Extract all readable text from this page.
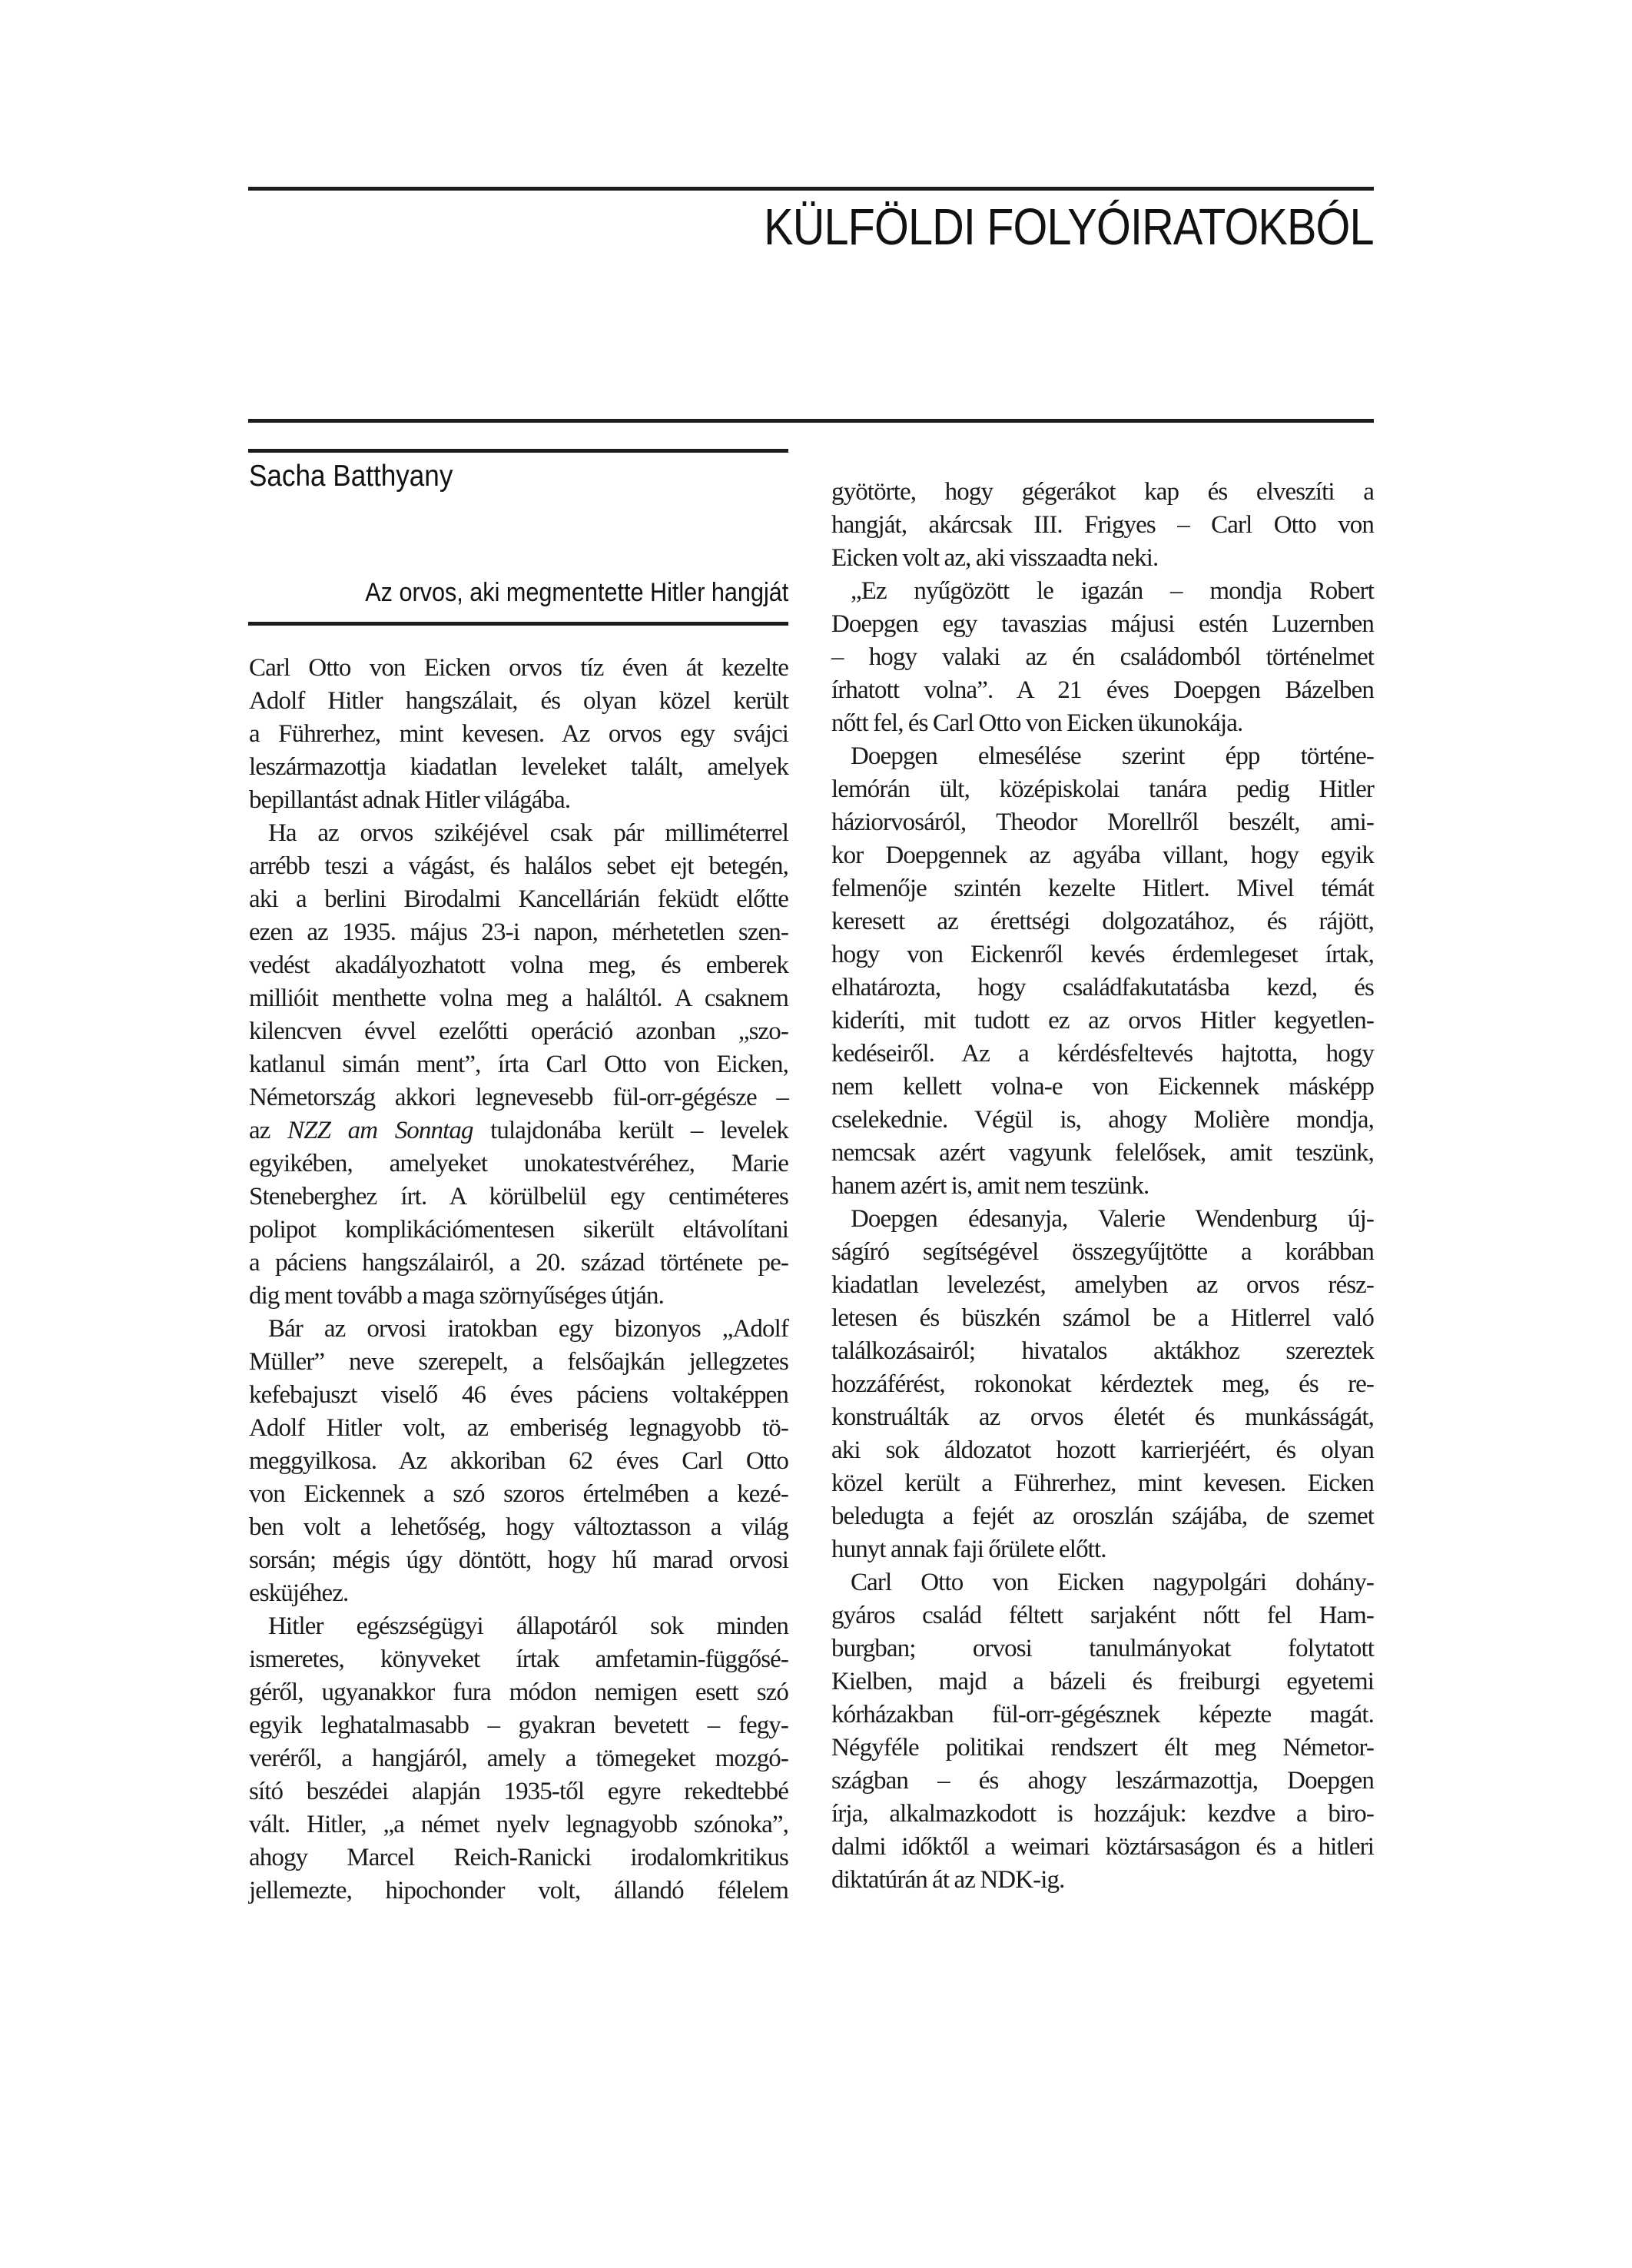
KÜLFÖLDI FOLYÓIRATOKBÓL
Sacha Batthyany
Az orvos, aki megmentette Hitler hangját
Carl Otto von Eicken orvos tíz éven át kezelte
Adolf Hitler hangszálait, és olyan közel került
a Führerhez, mint kevesen. Az orvos egy svájci
leszármazottja kiadatlan leveleket talált, amelyek
bepillantást adnak Hitler világába.
Ha az orvos szikéjével csak pár milliméterrel
arrébb teszi a vágást, és halálos sebet ejt betegén,
aki a berlini Birodalmi Kancellárián feküdt előtte
ezen az 1935. május 23-i napon, mérhetetlen szen-
vedést akadályozhatott volna meg, és emberek
millióit menthette volna meg a haláltól. A csaknem
kilencven évvel ezelőtti operáció azonban „szo-
katlanul simán ment”, írta Carl Otto von Eicken,
Németország akkori legnevesebb fül-orr-gégésze –
az NZZ am Sonntag tulajdonába került – levelek
egyikében, amelyeket unokatestvéréhez, Marie
Steneberghez írt. A körülbelül egy centiméteres
polipot komplikációmentesen sikerült eltávolítani
a páciens hangszálairól, a 20. század története pe-
dig ment tovább a maga szörnyűséges útján.
Bár az orvosi iratokban egy bizonyos „Adolf
Müller” neve szerepelt, a felsőajkán jellegzetes
kefebajuszt viselő 46 éves páciens voltaképpen
Adolf Hitler volt, az emberiség legnagyobb tö-
meggyilkosa. Az akkoriban 62 éves Carl Otto
von Eickennek a szó szoros értelmében a kezé-
ben volt a lehetőség, hogy változtasson a világ
sorsán; mégis úgy döntött, hogy hű marad orvosi
esküjéhez.
Hitler egészségügyi állapotáról sok minden
ismeretes, könyveket írtak amfetamin-függősé-
géről, ugyanakkor fura módon nemigen esett szó
egyik leghatalmasabb – gyakran bevetett – fegy-
veréről, a hangjáról, amely a tömegeket mozgó-
sító beszédei alapján 1935-től egyre rekedtebbé
vált. Hitler, „a német nyelv legnagyobb szónoka”,
ahogy Marcel Reich-Ranicki irodalomkritikus
jellemezte, hipochonder volt, állandó félelem
gyötörte, hogy gégerákot kap és elveszíti a
hangját, akárcsak III. Frigyes – Carl Otto von
Eicken volt az, aki visszaadta neki.
„Ez nyűgözött le igazán – mondja Robert
Doepgen egy tavaszias májusi estén Luzernben
– hogy valaki az én családomból történelmet
írhatott volna”. A 21 éves Doepgen Bázelben
nőtt fel, és Carl Otto von Eicken ükunokája.
Doepgen elmesélése szerint épp történe-
lemórán ült, középiskolai tanára pedig Hitler
háziorvosáról, Theodor Morellről beszélt, ami-
kor Doepgennek az agyába villant, hogy egyik
felmenője szintén kezelte Hitlert. Mivel témát
keresett az érettségi dolgozatához, és rájött,
hogy von Eickenről kevés érdemlegeset írtak,
elhatározta, hogy családfakutatásba kezd, és
kideríti, mit tudott ez az orvos Hitler kegyetlen-
kedéseiről. Az a kérdésfeltevés hajtotta, hogy
nem kellett volna-e von Eickennek másképp
cselekednie. Végül is, ahogy Molière mondja,
nemcsak azért vagyunk felelősek, amit teszünk,
hanem azért is, amit nem teszünk.
Doepgen édesanyja, Valerie Wendenburg új-
ságíró segítségével összegyűjtötte a korábban
kiadatlan levelezést, amelyben az orvos rész-
letesen és büszkén számol be a Hitlerrel való
találkozásairól; hivatalos aktákhoz szereztek
hozzáférést, rokonokat kérdeztek meg, és re-
konstruálták az orvos életét és munkásságát,
aki sok áldozatot hozott karrierjéért, és olyan
közel került a Führerhez, mint kevesen. Eicken
beledugta a fejét az oroszlán szájába, de szemet
hunyt annak faji őrülete előtt.
Carl Otto von Eicken nagypolgári dohány-
gyáros család féltett sarjaként nőtt fel Ham-
burgban; orvosi tanulmányokat folytatott
Kielben, majd a bázeli és freiburgi egyetemi
kórházakban fül-orr-gégésznek képezte magát.
Négyféle politikai rendszert élt meg Németor-
szágban – és ahogy leszármazottja, Doepgen
írja, alkalmazkodott is hozzájuk: kezdve a biro-
dalmi időktől a weimari köztársaságon és a hitleri
diktatúrán át az NDK-ig.
